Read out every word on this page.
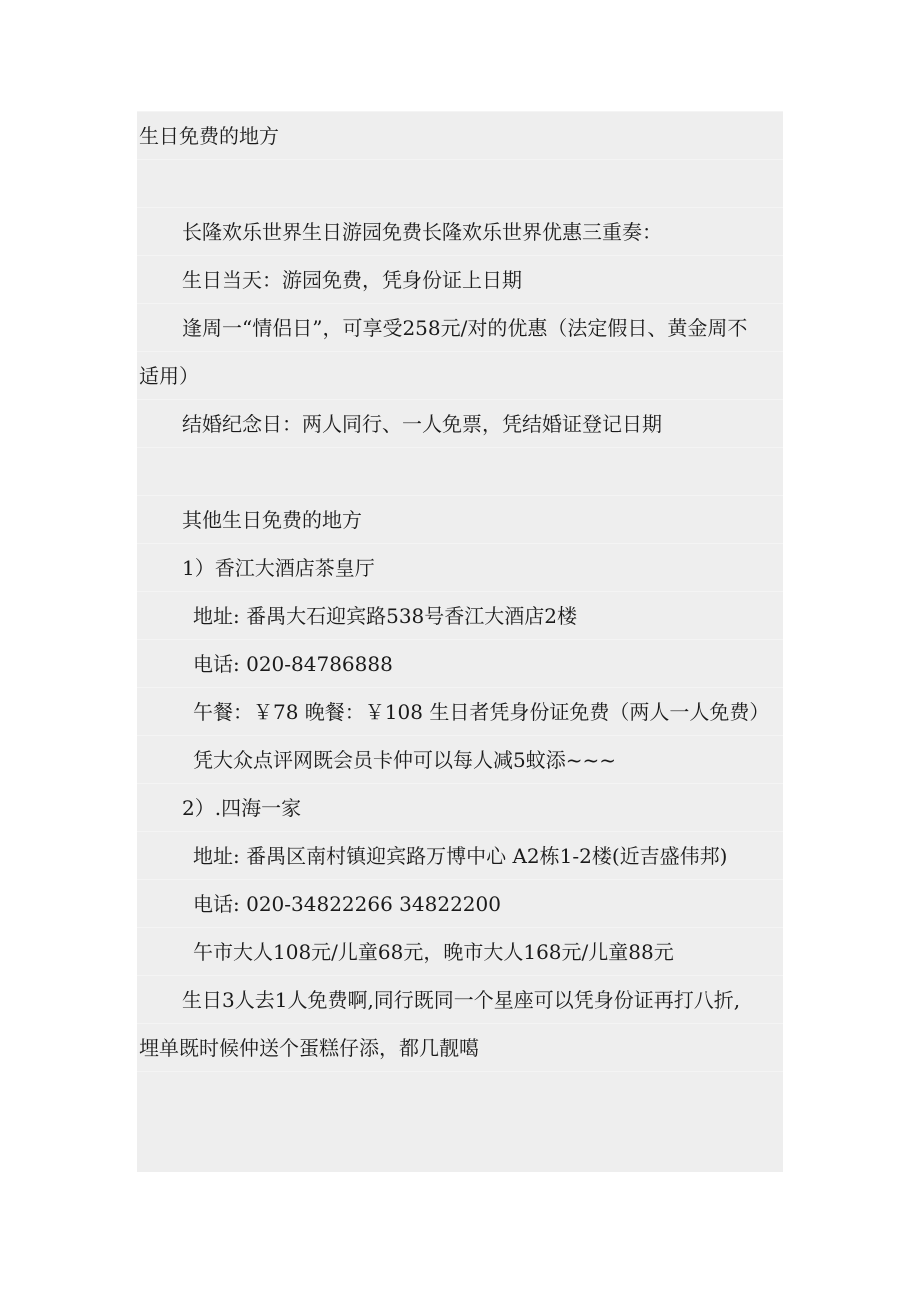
生日免费的地方
长隆欢乐世界生日游园免费长隆欢乐世界优惠三重奏：
生日当天：游园免费，凭身份证上日期
逢周一“情侣日”，可享受258元/对的优惠（法定假日、黄金周不
适用）
结婚纪念日：两人同行、一人免票，凭结婚证登记日期
其他生日免费的地方
1）香江大酒店茶皇厅
地址: 番禺大石迎宾路538号香江大酒店2楼
电话: 020-84786888
午餐：￥78 晚餐：￥108 生日者凭身份证免费（两人一人免费）
凭大众点评网既会员卡仲可以每人减5蚊添~~~
2）.四海一家
地址: 番禺区南村镇迎宾路万博中心 A2栋1-2楼(近吉盛伟邦)
电话: 020-34822266 34822200
午市大人108元/儿童68元，晚市大人168元/儿童88元
生日3人去1人免费啊,同行既同一个星座可以凭身份证再打八折,
埋单既时候仲送个蛋糕仔添，都几靓噶
